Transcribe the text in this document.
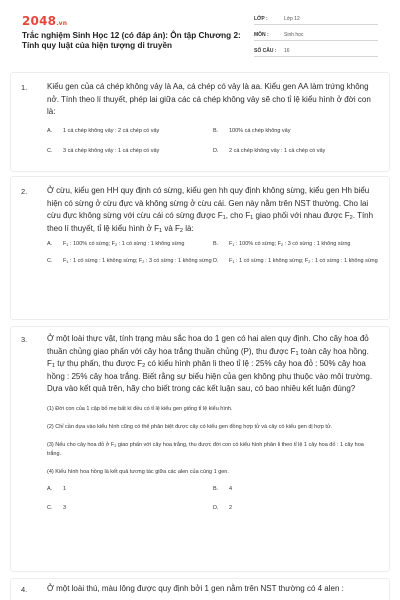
2048.vn
Trắc nghiệm Sinh Học 12 (có đáp án): Ôn tập Chương 2: Tính quy luật của hiện tượng di truyền
LỚP :	Lớp 12
MÔN :	Sinh học
SỐ CÂU :	16
1. Kiểu gen của cá chép không vảy là Aa, cá chép có vảy là aa. Kiểu gen AA làm trứng không nở. Tính theo lí thuyết, phép lai giữa các cá chép không vảy sẽ cho tỉ lệ kiểu hình ở đời con là:
A.	1 cá chép không vảy : 2 cá chép có vảy	B.	100% cá chép không vảy
C.	3 cá chép không vảy : 1 cá chép có vảy	D.	2 cá chép không vảy : 1 cá chép có vảy
2. Ở cừu, kiểu gen HH quy định có sừng, kiểu gen hh quy định không sừng, kiểu gen Hh biểu hiện có sừng ở cừu đực và không sừng ở cừu cái. Gen này nằm trên NST thường. Cho lai cừu đực không sừng với cừu cái có sừng được $F_1$, cho $F_1$ giao phối với nhau được $F_2$. Tính theo lí thuyết, tỉ lệ kiểu hình ở $F_1$ và $F_2$ là:
A.	$F_1$ : 100% có sừng; $F_2$ : 1 có sừng : 1 không sừng	B.	$F_1$ : 100% có sừng; $F_2$ : 3 có sừng : 1 không sừng
C.	$F_1$ : 1 có sừng : 1 không sừng; $F_2$ : 3 có sừng : 1 không sừng D.	$F_1$ : 1 có sừng : 1 không sừng; $F_2$ : 1 có sừng : 1 không sừng
3. Ở một loài thực vật, tính trạng màu sắc hoa do 1 gen có hai alen quy định. Cho cây hoa đỏ thuần chủng giao phấn với cây hoa trắng thuần chủng (P), thu được $F_1$ toàn cây hoa hồng. $F_1$ tự thụ phấn, thu được $F_2$ có kiểu hình phân li theo tỉ lệ : 25% cây hoa đỏ : 50% cây hoa hồng : 25% cây hoa trắng. Biết rằng sự biểu hiện của gen không phụ thuộc vào môi trường. Dựa vào kết quả trên, hãy cho biết trong các kết luận sau, có bao nhiêu kết luận đúng?
(1) Đời con của 1 cặp bố mẹ bất kì đều có tỉ lệ kiểu gen giống tỉ lệ kiểu hình.
(2) Chỉ cần dựa vào kiểu hình cũng có thể phân biệt được cây có kiểu gen đồng hợp tử và cây có kiểu gen dị hợp tử.
(3) Nếu cho cây hoa đỏ ở $F_2$ giao phấn với cây hoa trắng, thu được đời con có kiểu hình phân li theo tỉ lệ 1 cây hoa đỏ : 1 cây hoa trắng.
(4) Kiểu hình hoa hồng là kết quả tương tác giữa các alen của cùng 1 gen.
A.	1	B.	4
C.	3	D.	2
4. Ở một loài thú, màu lông được quy định bởi 1 gen nằm trên NST thường có 4 alen :
